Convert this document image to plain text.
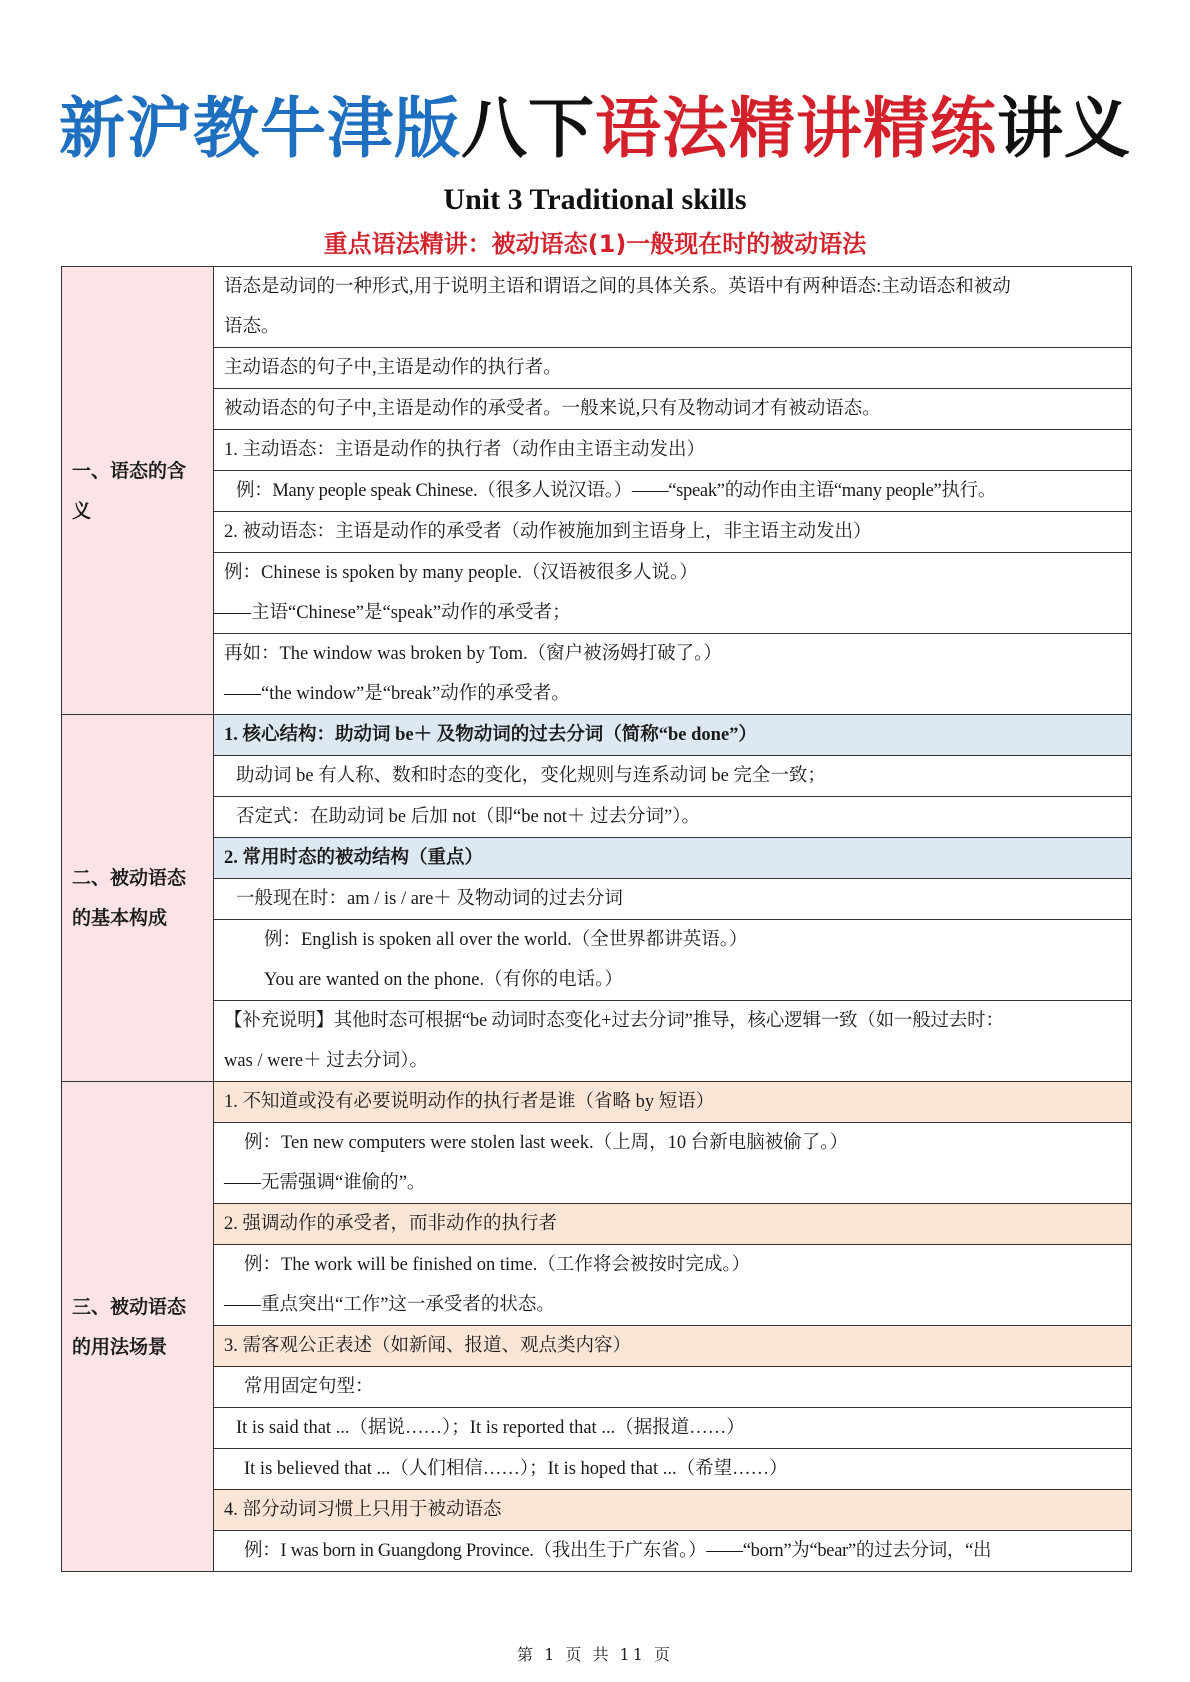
新沪教牛津版八下语法精讲精练讲义
Unit 3 Traditional skills
重点语法精讲：被动语态(1)一般现在时的被动语法
一、语态的含义	语态是动词的一种形式,用于说明主语和谓语之间的具体关系。英语中有两种语态:主动语态和被动
语态。

	主动语态的句子中,主语是动作的执行者。

	被动语态的句子中,主语是动作的承受者。一般来说,只有及物动词才有被动语态。

	1. 主动语态：主语是动作的执行者（动作由主语主动发出）

	例：Many people speak Chinese.（很多人说汉语。）——“speak”的动作由主语“many people”执行。

	2. 被动语态：主语是动作的承受者（动作被施加到主语身上，非主语主动发出）

	例：Chinese is spoken by many people.（汉语被很多人说。）
——主语“Chinese”是“speak”动作的承受者；

	再如：The window was broken by Tom.（窗户被汤姆打破了。）
——“the window”是“break”动作的承受者。

二、被动语态的基本构成	1. 核心结构：助动词 be＋ 及物动词的过去分词（简称“be done”）

	助动词 be 有人称、数和时态的变化，变化规则与连系动词 be 完全一致；

	否定式：在助动词 be 后加 not（即“be not＋ 过去分词”）。

	2. 常用时态的被动结构（重点）

	一般现在时：am / is / are＋ 及物动词的过去分词

	例：English is spoken all over the world.（全世界都讲英语。）
You are wanted on the phone.（有你的电话。）

	【补充说明】其他时态可根据“be 动词时态变化+过去分词”推导，核心逻辑一致（如一般过去时：
was / were＋ 过去分词）。

三、被动语态的用法场景	1. 不知道或没有必要说明动作的执行者是谁（省略 by 短语）

	例：Ten new computers were stolen last week.（上周，10 台新电脑被偷了。）
——无需强调“谁偷的”。

	2. 强调动作的承受者，而非动作的执行者

	例：The work will be finished on time.（工作将会被按时完成。）
——重点突出“工作”这一承受者的状态。

	3. 需客观公正表述（如新闻、报道、观点类内容）

	常用固定句型：

	It is said that ...（据说……）；It is reported that ...（据报道……）

	It is believed that ...（人们相信……）；It is hoped that ...（希望……）

	4. 部分动词习惯上只用于被动语态

	例：I was born in Guangdong Province.（我出生于广东省。）——“born”为“bear”的过去分词，“出
第 1 页 共 11 页
